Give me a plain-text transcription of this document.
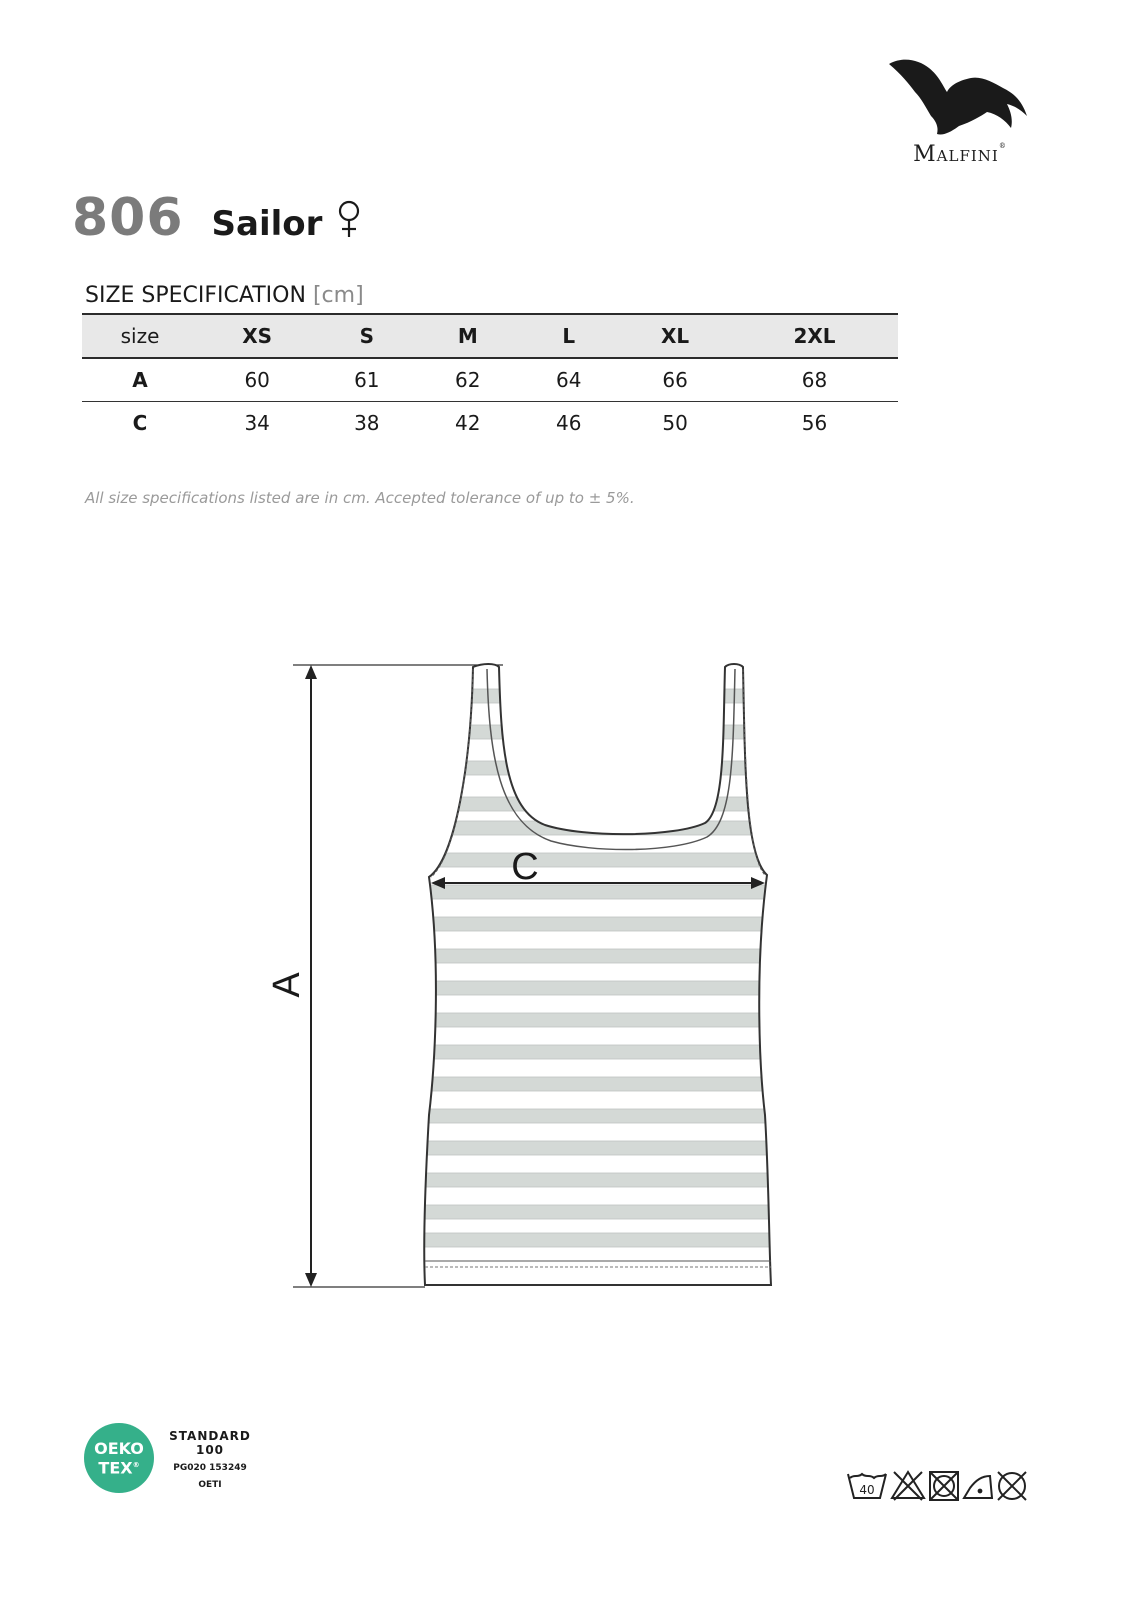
Malfini®
806 Sailor
SIZE SPECIFICATION [cm]
size	XS	S	M	L	XL	2XL
A	60	61	62	64	66	68
C	34	38	42	46	50	56
All size specifications listed are in cm. Accepted tolerance of up to ± 5%.
A
C
OEKO
TEX®
STANDARD
100
PG020 153249
OETI	40
